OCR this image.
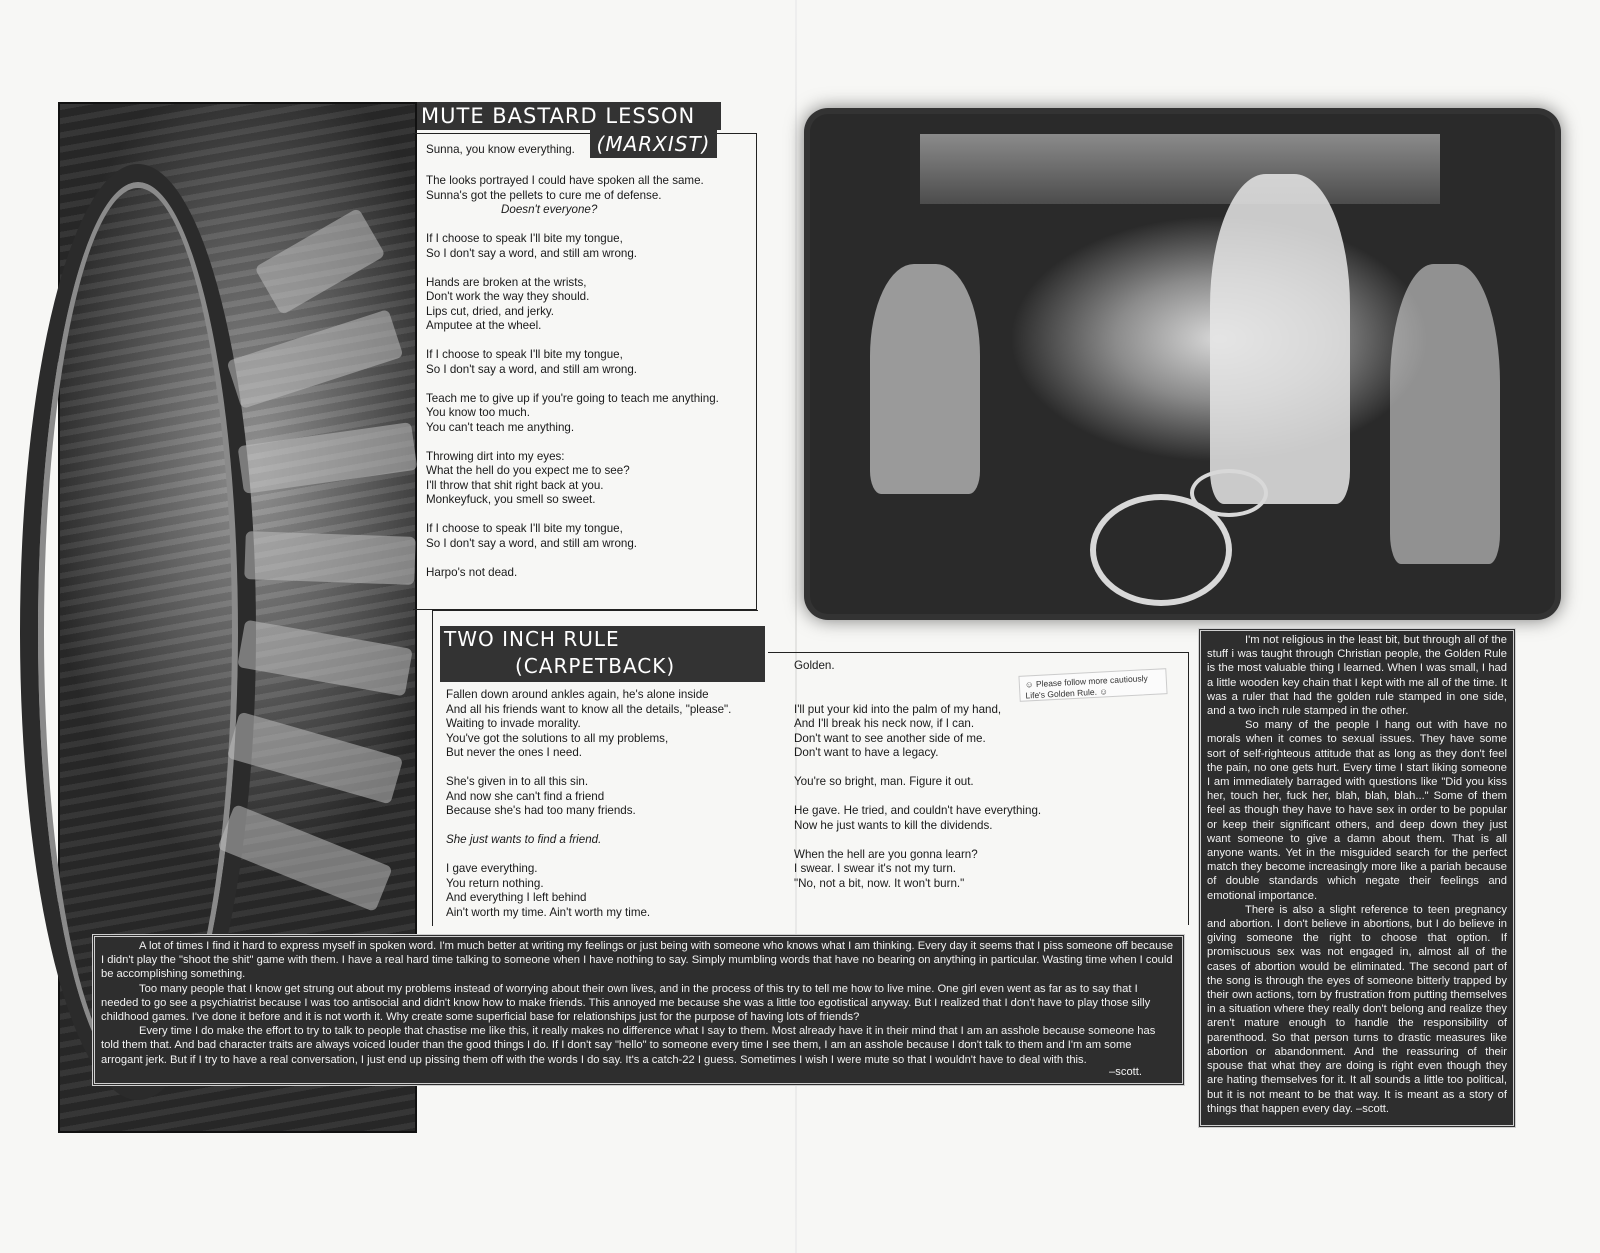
MUTE BASTARD LESSON
(MARXIST)
Sunna, you know everything.
The looks portrayed I could have spoken all the same.
Sunna's got the pellets to cure me of defense.
Doesn't everyone?

If I choose to speak I'll bite my tongue,
So I don't say a word, and still am wrong.

Hands are broken at the wrists,
Don't work the way they should.
Lips cut, dried, and jerky.
Amputee at the wheel.

If I choose to speak I'll bite my tongue,
So I don't say a word, and still am wrong.

Teach me to give up if you're going to teach me anything.
You know too much.
You can't teach me anything.

Throwing dirt into my eyes:
What the hell do you expect me to see?
I'll throw that shit right back at you.
Monkeyfuck, you smell so sweet.

If I choose to speak I'll bite my tongue,
So I don't say a word, and still am wrong.

Harpo's not dead.
TWO INCH RULE
(CARPETBACK)
Fallen down around ankles again, he's alone inside
And all his friends want to know all the details, "please".
Waiting to invade morality.
You've got the solutions to all my problems,
But never the ones I need.

She's given in to all this sin.
And now she can't find a friend
Because she's had too many friends.

She just wants to find a friend.

I gave everything.
You return nothing.
And everything I left behind
Ain't worth my time. Ain't worth my time.
Golden.

I'll put your kid into the palm of my hand,
And I'll break his neck now, if I can.
Don't want to see another side of me.
Don't want to have a legacy.

You're so bright, man. Figure it out.

He gave. He tried, and couldn't have everything.
Now he just wants to kill the dividends.

When the hell are you gonna learn?
I swear. I swear it's not my turn.
"No, not a bit, now. It won't burn."
☺ Please follow more cautiously Life's Golden Rule. ☺

I'm not religious in the least bit, but through all of the stuff i was taught through Christian people, the Golden Rule is the most valuable thing I learned. When I was small, I had a little wooden key chain that I kept with me all of the time. It was a ruler that had the golden rule stamped in one side, and a two inch rule stamped in the other.

So many of the people I hang out with have no morals when it comes to sexual issues. They have some sort of self-righteous attitude that as long as they don't feel the pain, no one gets hurt. Every time I start liking someone I am immediately barraged with questions like "Did you kiss her, touch her, fuck her, blah, blah, blah..." Some of them feel as though they have to have sex in order to be popular or keep their significant others, and deep down they just want someone to give a damn about them. That is all anyone wants. Yet in the misguided search for the perfect match they become increasingly more like a pariah because of double standards which negate their feelings and emotional importance.

There is also a slight reference to teen pregnancy and abortion. I don't believe in abortions, but I do believe in giving someone the right to choose that option. If promiscuous sex was not engaged in, almost all of the cases of abortion would be eliminated. The second part of the song is through the eyes of someone bitterly trapped by their own actions, torn by frustration from putting themselves in a situation where they really don't belong and realize they aren't mature enough to handle the responsibility of parenthood. So that person turns to drastic measures like abortion or abandonment. And the reassuring of their spouse that what they are doing is right even though they are hating themselves for it. It all sounds a little too political, but it is not meant to be that way. It is meant as a story of things that happen every day. –scott.

A lot of times I find it hard to express myself in spoken word. I'm much better at writing my feelings or just being with someone who knows what I am thinking. Every day it seems that I piss someone off because I didn't play the "shoot the shit" game with them. I have a real hard time talking to someone when I have nothing to say. Simply mumbling words that have no bearing on anything in particular. Wasting time when I could be accomplishing something.

Too many people that I know get strung out about my problems instead of worrying about their own lives, and in the process of this try to tell me how to live mine. One girl even went as far as to say that I needed to go see a psychiatrist because I was too antisocial and didn't know how to make friends. This annoyed me because she was a little too egotistical anyway. But I realized that I don't have to play those silly childhood games. I've done it before and it is not worth it. Why create some superficial base for relationships just for the purpose of having lots of friends?

Every time I do make the effort to try to talk to people that chastise me like this, it really makes no difference what I say to them. Most already have it in their mind that I am an asshole because someone has told them that. And bad character traits are always voiced louder than the good things I do. If I don't say "hello" to someone every time I see them, I am an asshole because I don't talk to them and I'm am some arrogant jerk. But if I try to have a real conversation, I just end up pissing them off with the words I do say. It's a catch-22 I guess. Sometimes I wish I were mute so that I wouldn't have to deal with this.

–scott.
